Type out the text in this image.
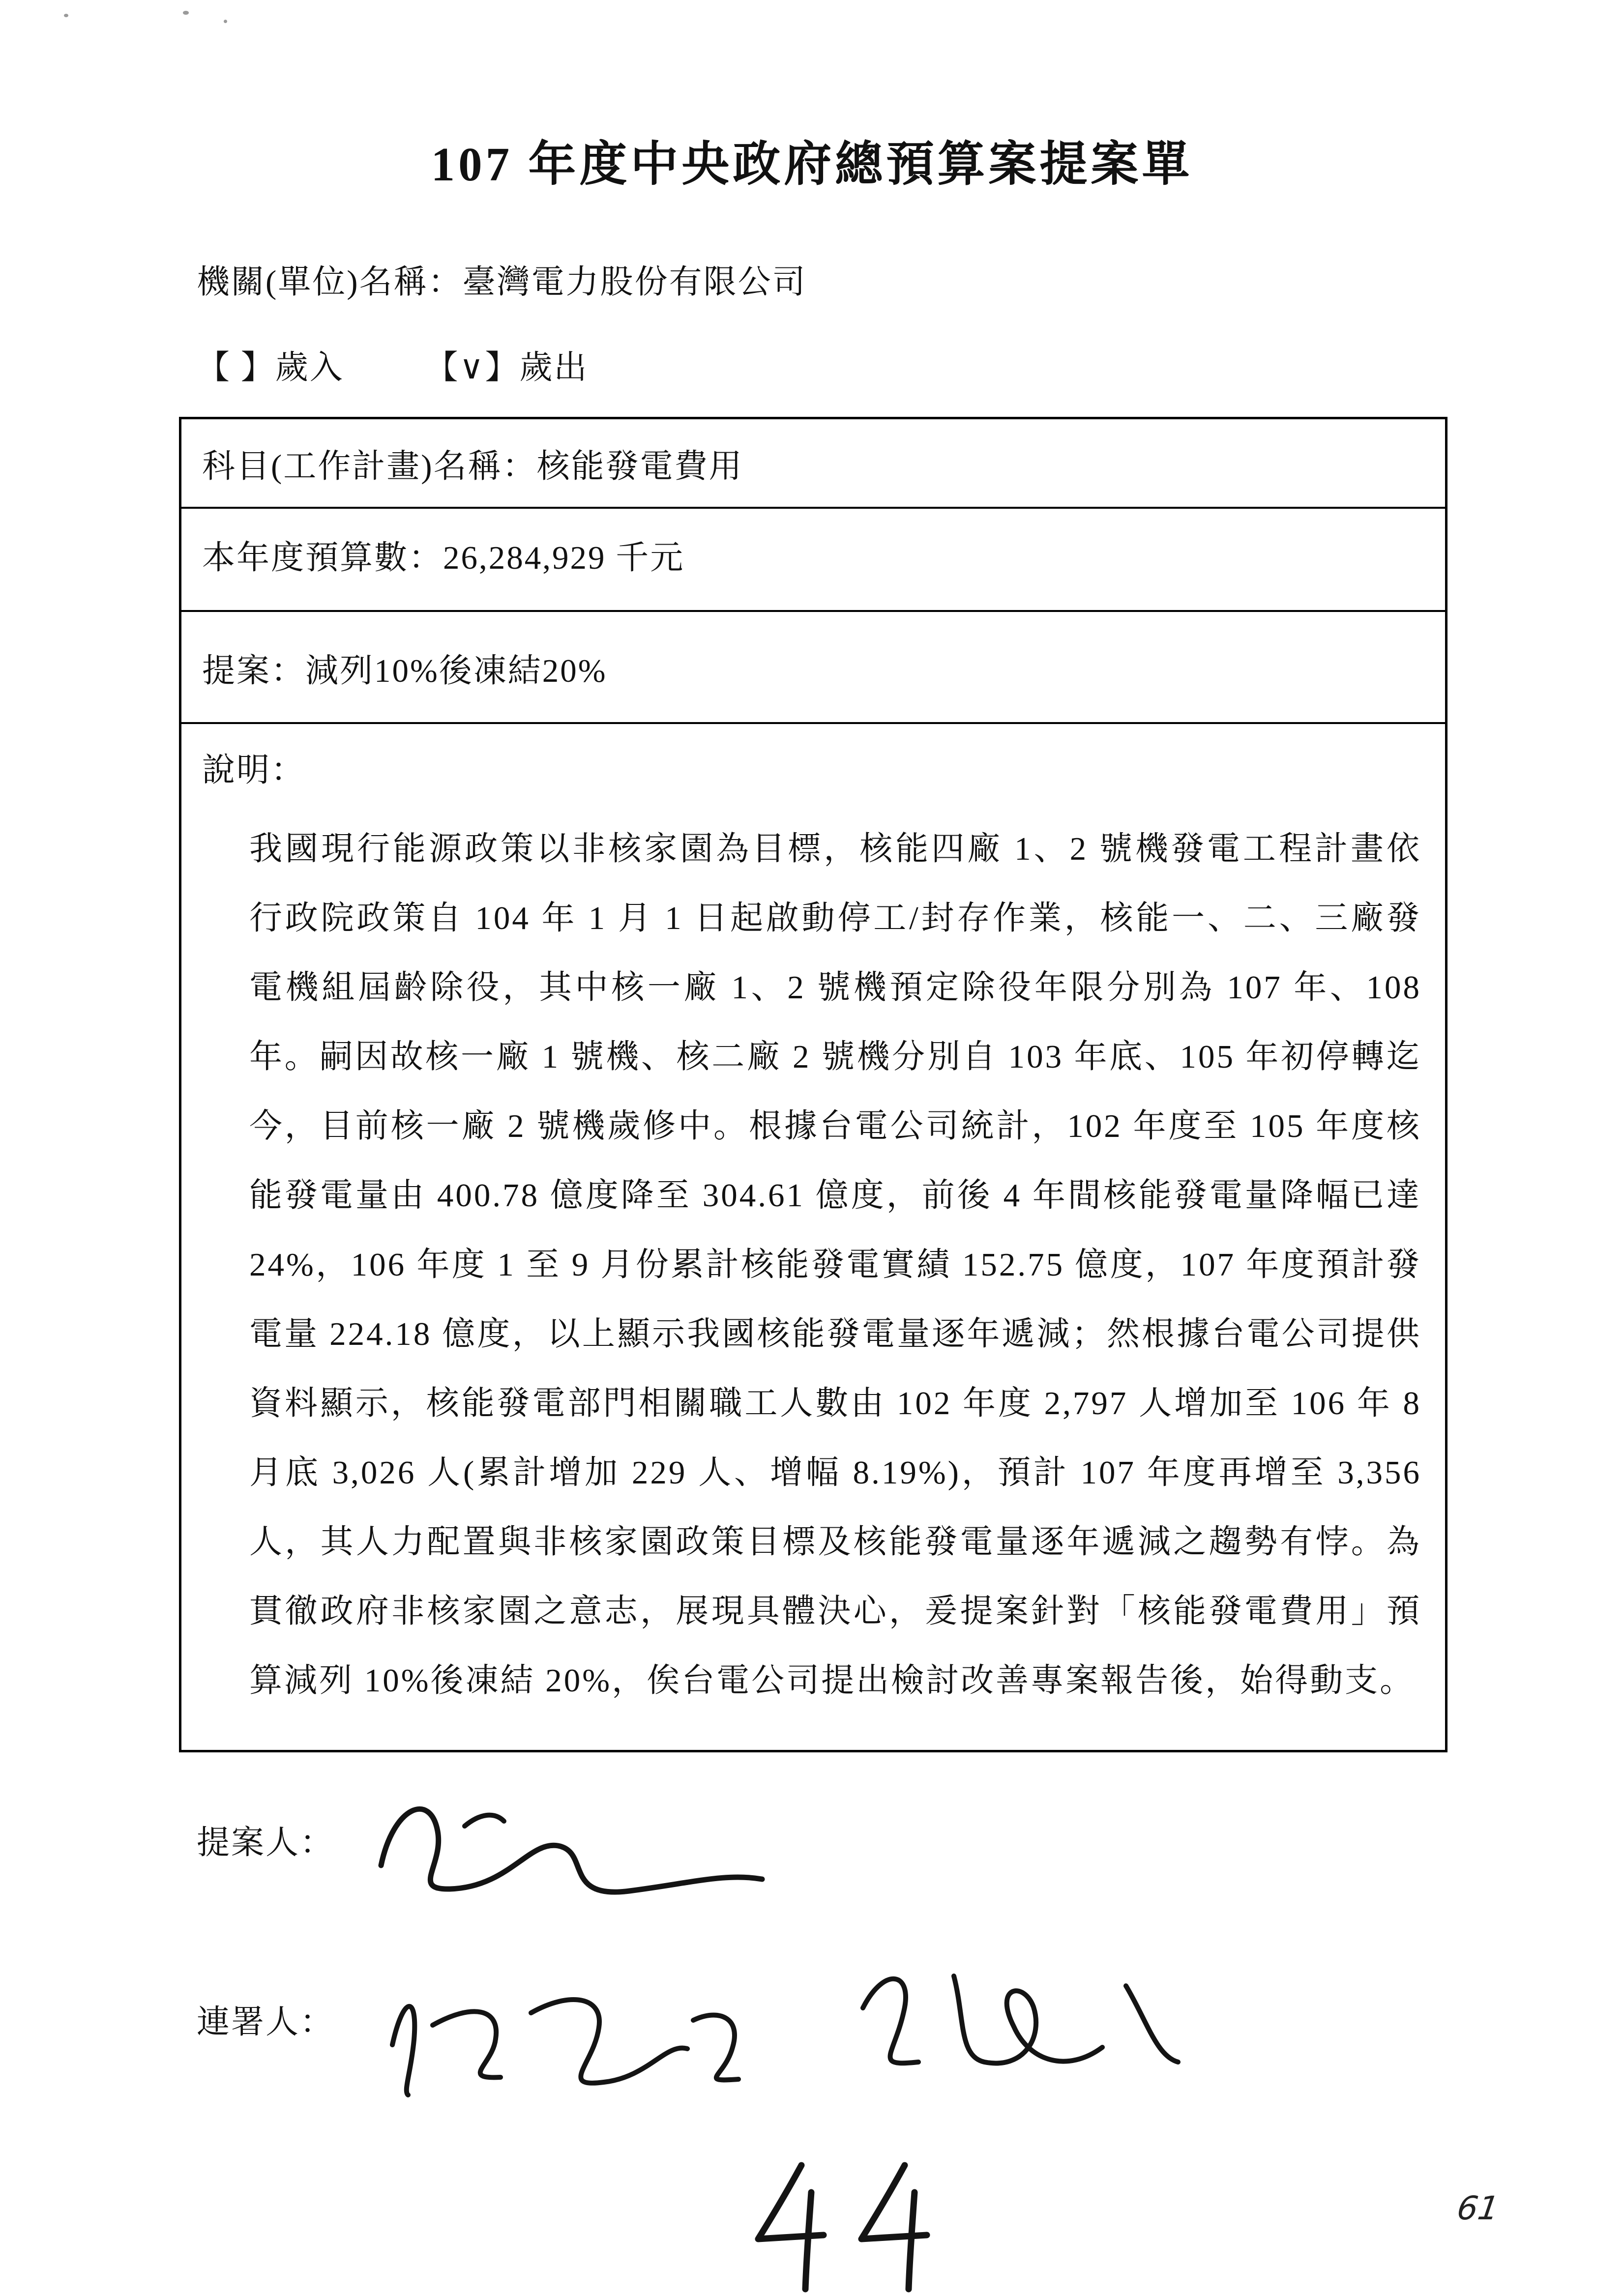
107 年度中央政府總預算案提案單
機關(單位)名稱：臺灣電力股份有限公司
【 】歲入 【∨】歲出
科目(工作計畫)名稱：核能發電費用
本年度預算數：26,284,929 千元
提案：減列10%後凍結20%
說明：
我國現行能源政策以非核家園為目標，核能四廠 1、2 號機發電工程計畫依行政院政策自 104 年 1 月 1 日起啟動停工/封存作業，核能一、二、三廠發電機組屆齡除役，其中核一廠 1、2 號機預定除役年限分別為 107 年、108 年。嗣因故核一廠 1 號機、核二廠 2 號機分別自 103 年底、105 年初停轉迄今，目前核一廠 2 號機歲修中。根據台電公司統計，102 年度至 105 年度核能發電量由 400.78 億度降至 304.61 億度，前後 4 年間核能發電量降幅已達 24%，106 年度 1 至 9 月份累計核能發電實績 152.75 億度，107 年度預計發電量 224.18 億度，以上顯示我國核能發電量逐年遞減；然根據台電公司提供資料顯示，核能發電部門相關職工人數由 102 年度 2,797 人增加至 106 年 8 月底 3,026 人(累計增加 229 人、增幅 8.19%)，預計 107 年度再增至 3,356 人，其人力配置與非核家園政策目標及核能發電量逐年遞減之趨勢有悖。為貫徹政府非核家園之意志，展現具體決心，爰提案針對「核能發電費用」預算減列 10%後凍結 20%，俟台電公司提出檢討改善專案報告後，始得動支。
提案人：
連署人：
61
